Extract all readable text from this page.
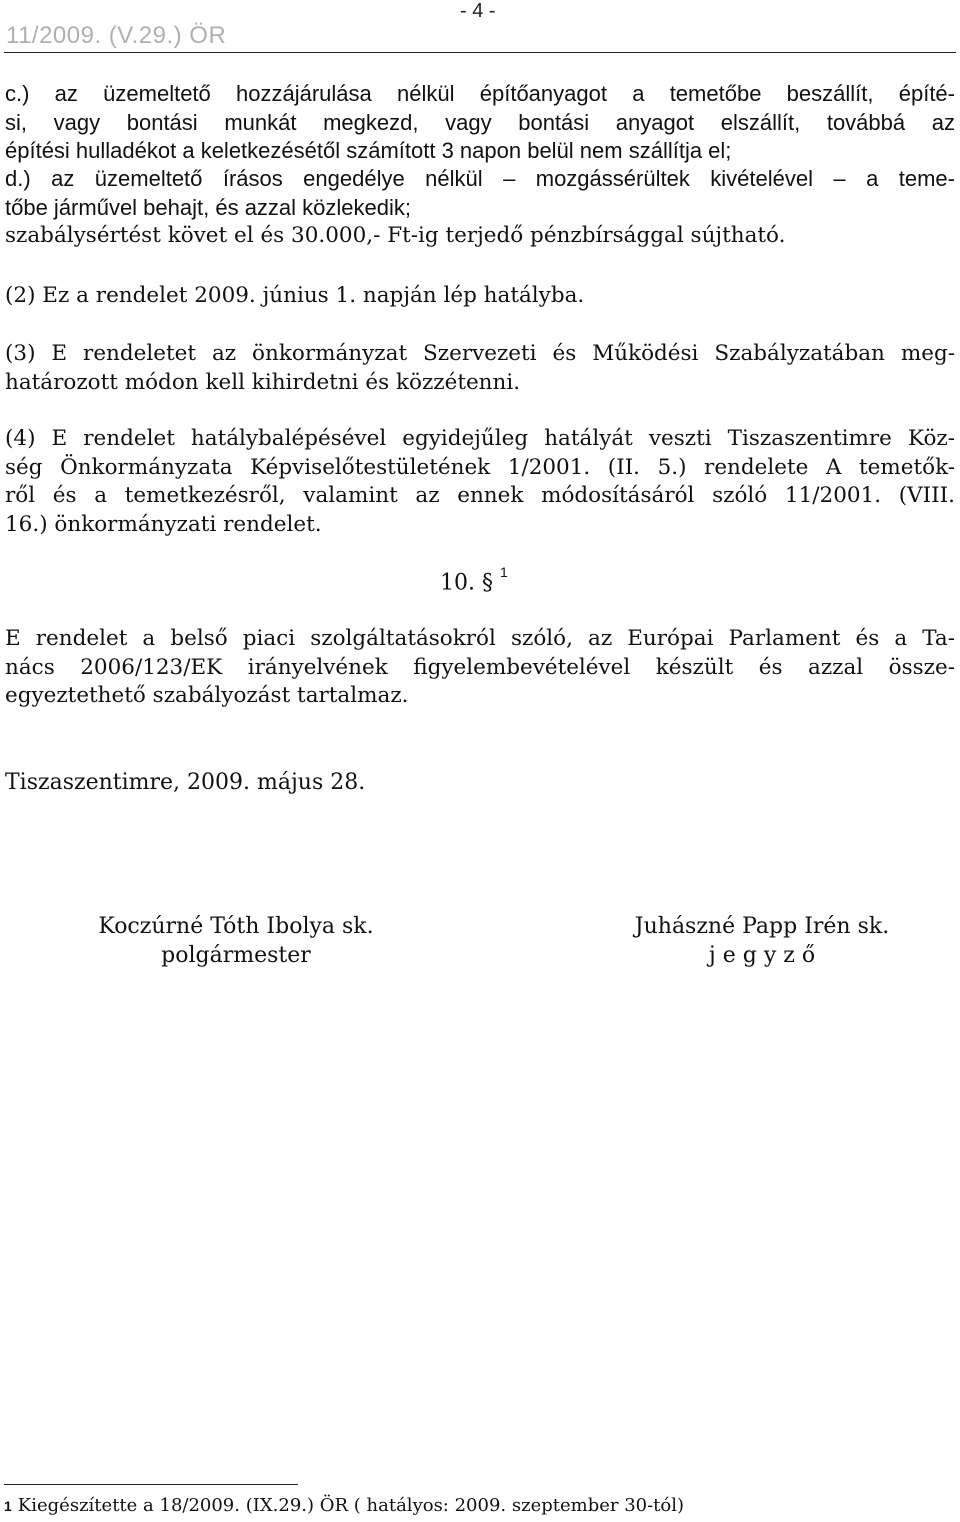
11/2009. (V.29.) ÖR
- 4 -
c.) az üzemeltető hozzájárulása nélkül építőanyagot a temetőbe beszállít, építé-
si, vagy bontási munkát megkezd, vagy bontási anyagot elszállít, továbbá az
építési hulladékot a keletkezésétől számított 3 napon belül nem szállítja el;
d.) az üzemeltető írásos engedélye nélkül – mozgássérültek kivételével – a teme-
tőbe járművel behajt, és azzal közlekedik;
szabálysértést követ el és 30.000,- Ft-ig terjedő pénzbírsággal sújtható.
(2) Ez a rendelet 2009. június 1. napján lép hatályba.
(3) E rendeletet az önkormányzat Szervezeti és Működési Szabályzatában meg-
határozott módon kell kihirdetni és közzétenni.
(4) E rendelet hatálybalépésével egyidejűleg hatályát veszti Tiszaszentimre Köz-
ség Önkormányzata Képviselőtestületének 1/2001. (II. 5.) rendelete A temetők-
ről és a temetkezésről, valamint az ennek módosításáról szóló 11/2001. (VIII.
16.) önkormányzati rendelet.
10. § $^1$
E rendelet a belső piaci szolgáltatásokról szóló, az Európai Parlament és a Ta-
nács 2006/123/EK irányelvének figyelembevételével készült és azzal össze-
egyeztethető szabályozást tartalmaz.
Tiszaszentimre, 2009. május 28.
Koczúrné Tóth Ibolya sk.
polgármester
Juhászné Papp Irén sk.
j e g y z ő
1 Kiegészítette a 18/2009. (IX.29.) ÖR ( hatályos: 2009. szeptember 30-tól)
